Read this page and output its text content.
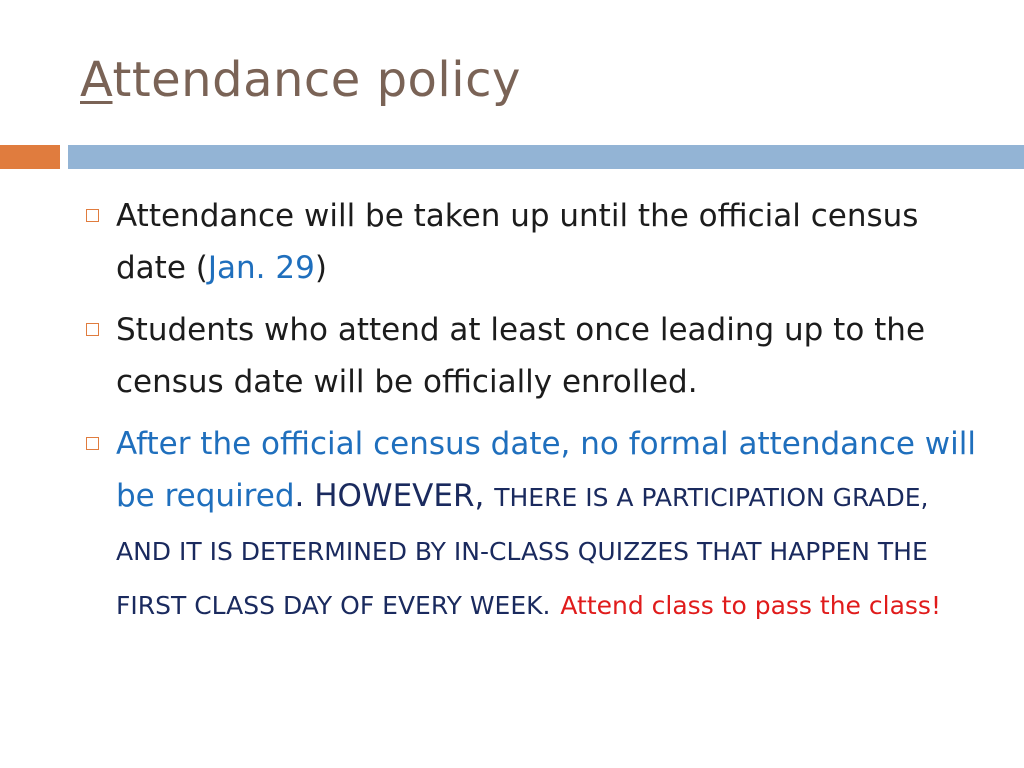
Attendance policy
Attendance will be taken up until the official census date (Jan. 29)
Students who attend at least once leading up to the census date will be officially enrolled.
After the official census date, no formal attendance will be required. HOWEVER, THERE IS A PARTICIPATION GRADE, AND IT IS DETERMINED BY IN-CLASS QUIZZES THAT HAPPEN THE FIRST CLASS DAY OF EVERY WEEK. Attend class to pass the class!
